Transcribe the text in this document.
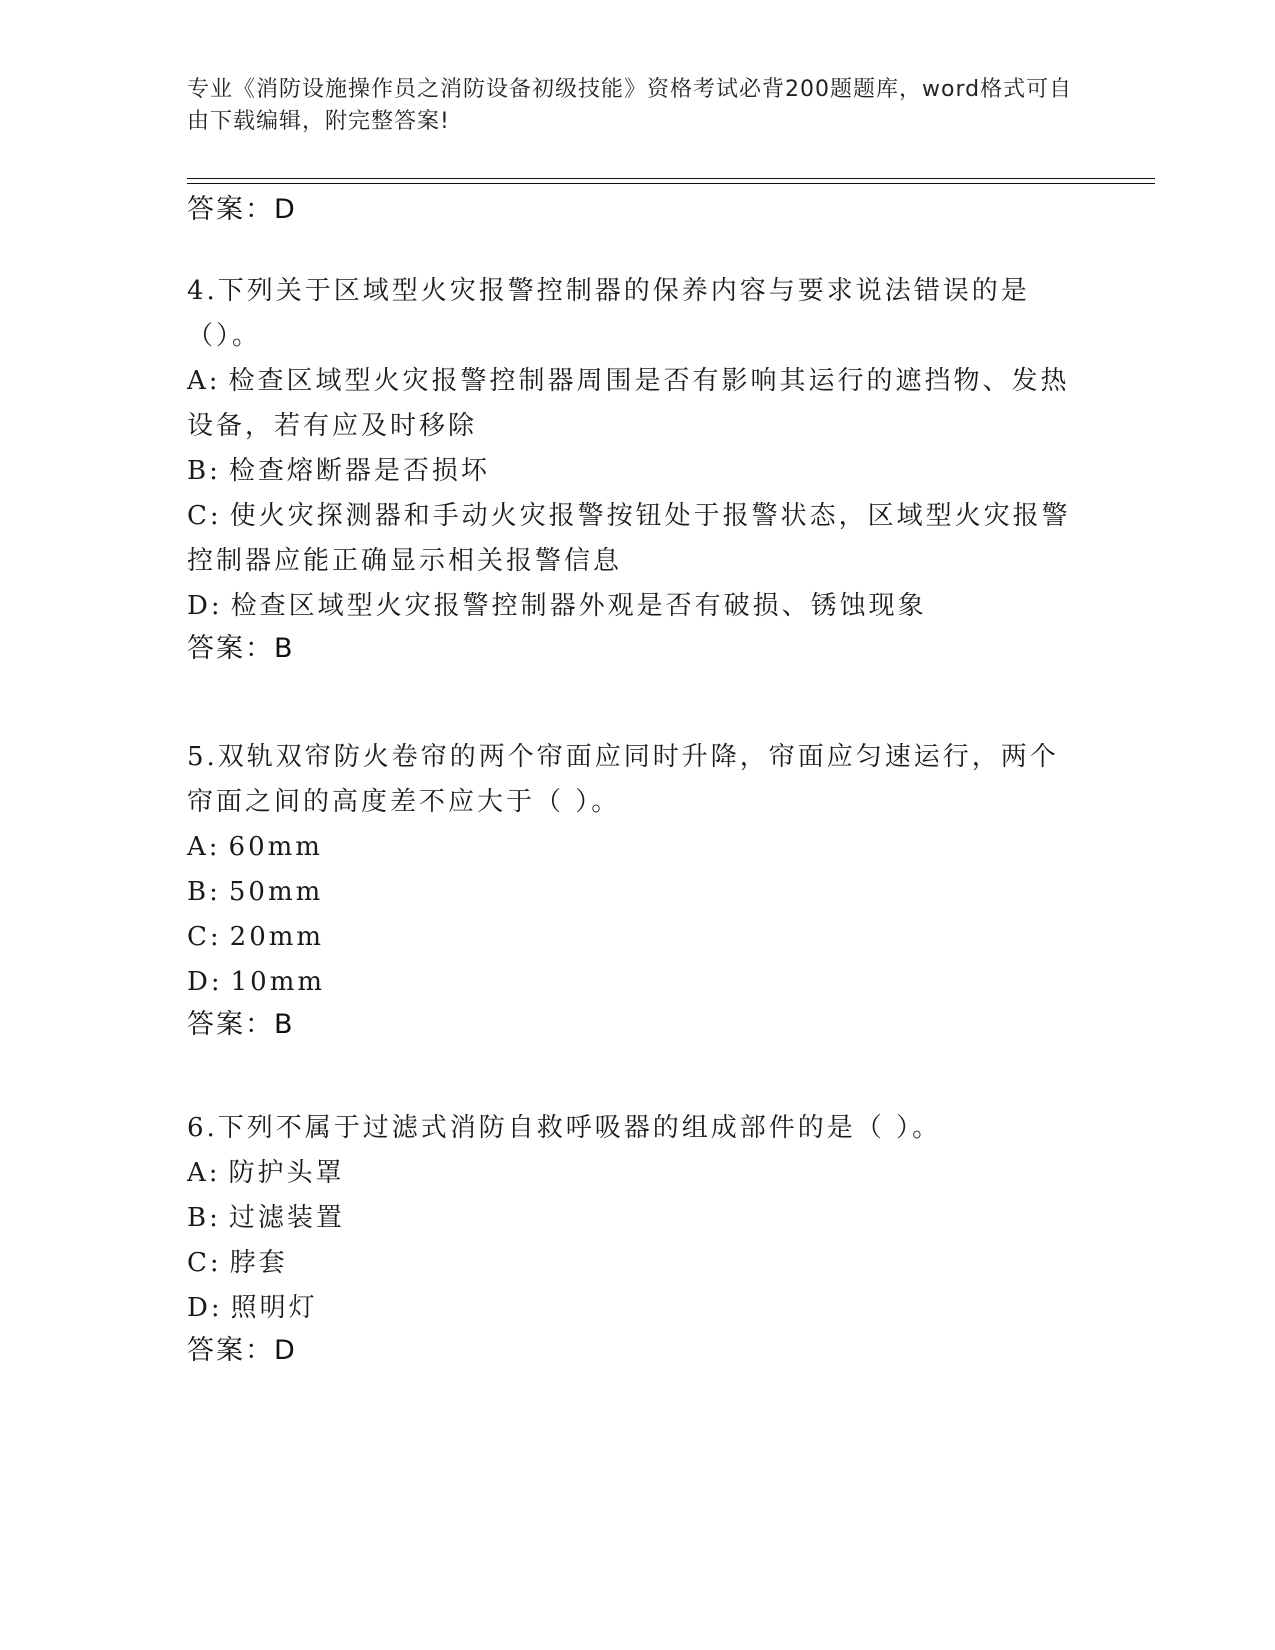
专业《消防设施操作员之消防设备初级技能》资格考试必背200题题库，word格式可自由下载编辑，附完整答案!
答案：D
4.下列关于区域型火灾报警控制器的保养内容与要求说法错误的是（）。
A: 检查区域型火灾报警控制器周围是否有影响其运行的遮挡物、发热设备，若有应及时移除
B: 检查熔断器是否损坏
C: 使火灾探测器和手动火灾报警按钮处于报警状态，区域型火灾报警控制器应能正确显示相关报警信息
D: 检查区域型火灾报警控制器外观是否有破损、锈蚀现象
答案：B
5.双轨双帘防火卷帘的两个帘面应同时升降，帘面应匀速运行，两个帘面之间的高度差不应大于（ ）。
A: 60mm
B: 50mm
C: 20mm
D: 10mm
答案：B
6.下列不属于过滤式消防自救呼吸器的组成部件的是（ ）。
A: 防护头罩
B: 过滤装置
C: 脖套
D: 照明灯
答案：D
